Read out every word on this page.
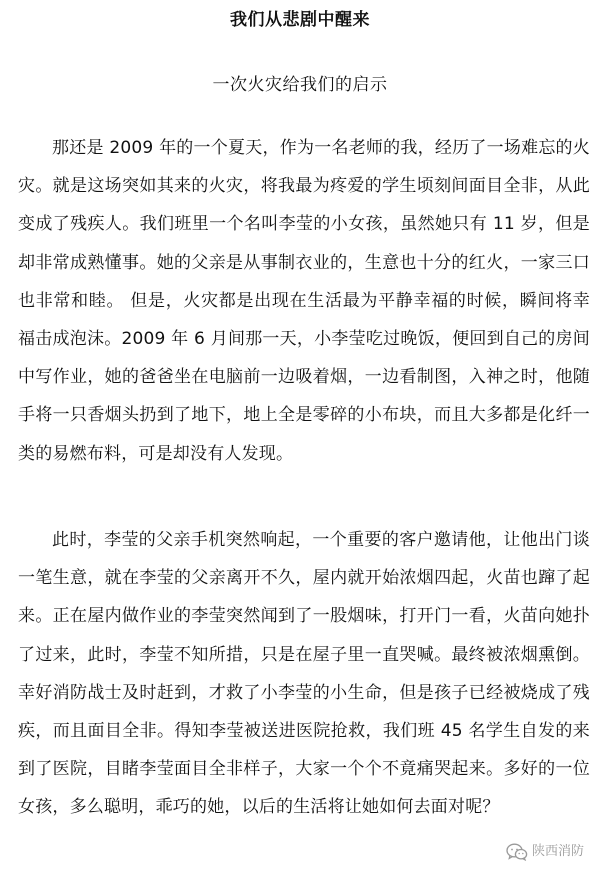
我们从悲剧中醒来
一次火灾给我们的启示

那还是 2009 年的一个夏天，作为一名老师的我，经历了一场难忘的火灾。就是这场突如其来的火灾，将我最为疼爱的学生顷刻间面目全非，从此变成了残疾人。我们班里一个名叫李莹的小女孩，虽然她只有 11 岁，但是却非常成熟懂事。她的父亲是从事制衣业的，生意也十分的红火，一家三口也非常和睦。 但是，火灾都是出现在生活最为平静幸福的时候，瞬间将幸福击成泡沫。2009 年 6 月间那一天，小李莹吃过晚饭，便回到自己的房间中写作业，她的爸爸坐在电脑前一边吸着烟，一边看制图，入神之时，他随手将一只香烟头扔到了地下，地上全是零碎的小布块，而且大多都是化纤一类的易燃布料，可是却没有人发现。

此时，李莹的父亲手机突然响起，一个重要的客户邀请他，让他出门谈一笔生意，就在李莹的父亲离开不久，屋内就开始浓烟四起，火苗也蹿了起来。正在屋内做作业的李莹突然闻到了一股烟味，打开门一看，火苗向她扑了过来，此时，李莹不知所措，只是在屋子里一直哭喊。最终被浓烟熏倒。幸好消防战士及时赶到，才救了小李莹的小生命，但是孩子已经被烧成了残疾，而且面目全非。得知李莹被送进医院抢救，我们班 45 名学生自发的来到了医院，目睹李莹面目全非样子，大家一个个不竟痛哭起来。多好的一位女孩，多么聪明，乖巧的她，以后的生活将让她如何去面对呢？

陕西消防
